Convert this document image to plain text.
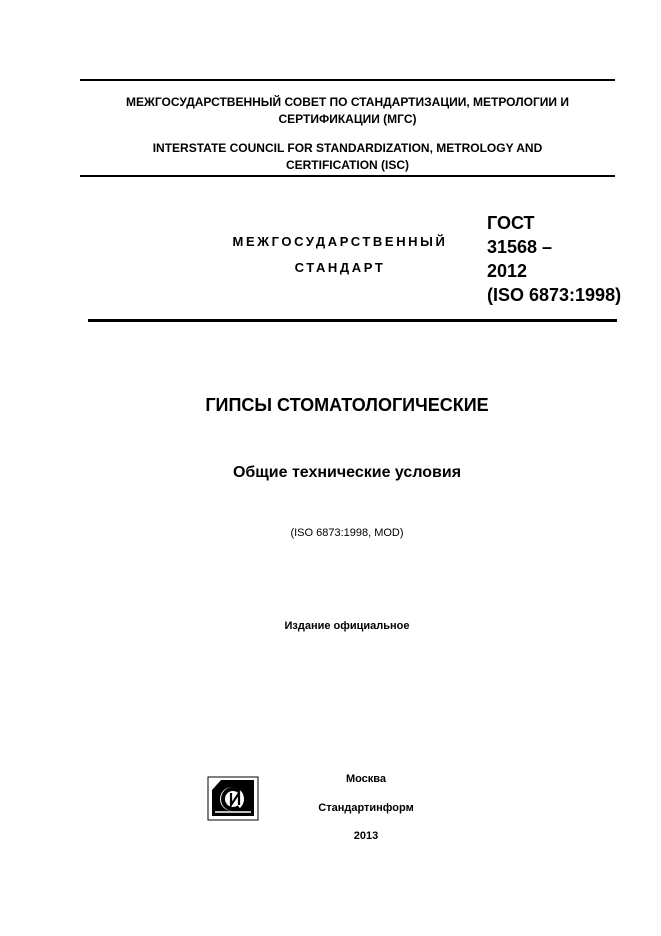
МЕЖГОСУДАРСТВЕННЫЙ СОВЕТ ПО СТАНДАРТИЗАЦИИ, МЕТРОЛОГИИ И
СЕРТИФИКАЦИИ (МГС)
INTERSTATE COUNCIL FOR STANDARDIZATION, METROLOGY AND
CERTIFICATION (ISC)
МЕЖГОСУДАРСТВЕННЫЙ
СТАНДАРТ
ГОСТ
31568 –
2012
(ISO 6873:1998)
ГИПСЫ СТОМАТОЛОГИЧЕСКИЕ
Общие технические условия
(ISO 6873:1998, MOD)
Издание официальное
Москва
Стандартинформ
2013
